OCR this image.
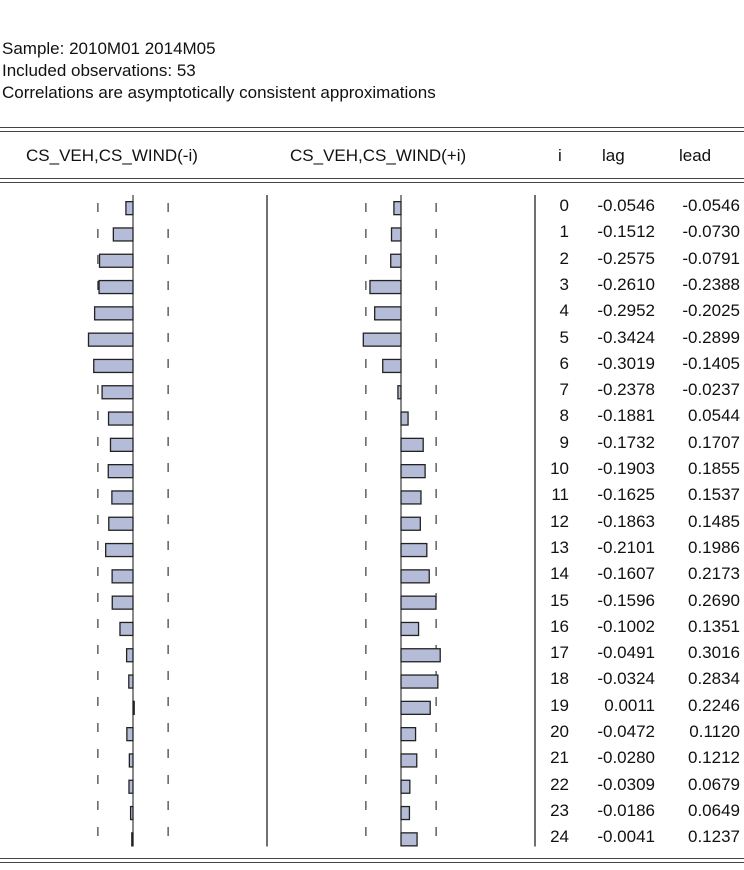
Sample: 2010M01 2014M05
Included observations: 53
Correlations are asymptotically consistent approximations
CS_VEH,CS_WIND(-i)	CS_VEH,CS_WIND(+i)	i lag	lead
0 -0.0546 -0.0546
1 -0.1512 -0.0730
2 -0.2575 -0.0791
3 -0.2610 -0.2388
4 -0.2952 -0.2025
5 -0.3424 -0.2899
6 -0.3019 -0.1405
7 -0.2378 -0.0237
8 -0.1881 0.0544
9 -0.1732 0.1707
10 -0.1903 0.1855
11 -0.1625 0.1537
12 -0.1863 0.1485
13 -0.2101 0.1986
14 -0.1607 0.2173
15 -0.1596 0.2690
16 -0.1002 0.1351
17 -0.0491 0.3016
18 -0.0324 0.2834
19 0.0011 0.2246
20 -0.0472 0.1120
21 -0.0280 0.1212
22 -0.0309 0.0679
23 -0.0186 0.0649
24 -0.0041 0.1237
